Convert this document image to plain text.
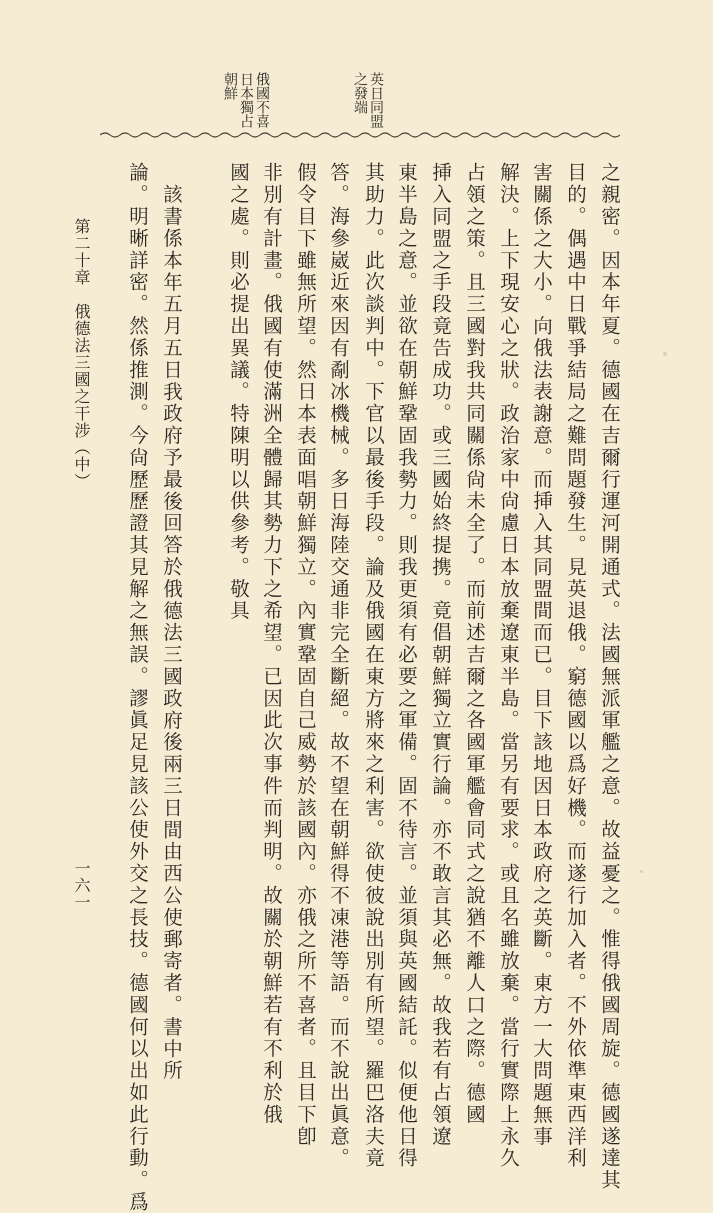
英日同盟
之發端
俄國不喜
日本獨占
朝鮮
之親密。因本年夏。德國在吉爾行運河開通式。法國無派軍艦之意。故益憂之。惟得俄國周旋。德國遂達其
目的。偶遇中日戰爭結局之難問題發生。見英退俄。窮德國以爲好機。而遂行加入者。不外依準東西洋利
害關係之大小。向俄法表謝意。而挿入其同盟間而已。目下該地因日本政府之英斷。東方一大問題無事
解決。上下現安心之狀。政治家中尙慮日本放棄遼東半島。當另有要求。或且名雖放棄。當行實際上永久
占領之策。且三國對我共同關係尙未全了。而前述吉爾之各國軍艦會同式之說猶不離人口之際。德國
挿入同盟之手段竟告成功。或三國始終提携。竟倡朝鮮獨立實行論。亦不敢言其必無。故我若有占領遼
東半島之意。並欲在朝鮮鞏固我勢力。則我更須有必要之軍備。固不待言。並須與英國結託。似便他日得
其助力。此次談判中。下官以最後手段。論及俄國在東方將來之利害。欲使彼說出別有所望。羅巴洛夫竟
答。海參崴近來因有劀冰機械。多日海陸交通非完全斷絕。故不望在朝鮮得不凍港等語。而不說出眞意。
假令目下雖無所望。然日本表面唱朝鮮獨立。內實鞏固自己威勢於該國內。亦俄之所不喜者。且目下卽
非別有計畫。俄國有使滿洲全體歸其勢力下之希望。已因此次事件而判明。故關於朝鮮若有不利於俄
國之處。則必提出異議。特陳明以供參考。敬具
該書係本年五月五日我政府予最後回答於俄德法三國政府後兩三日間由西公使郵寄者。書中所
論。明晰詳密。然係推測。今尙歷歷證其見解之無誤。謬眞足見該公使外交之長技。德國何以出如此行動。爲
第二十章　俄德法三國之干涉（中）
一六一
